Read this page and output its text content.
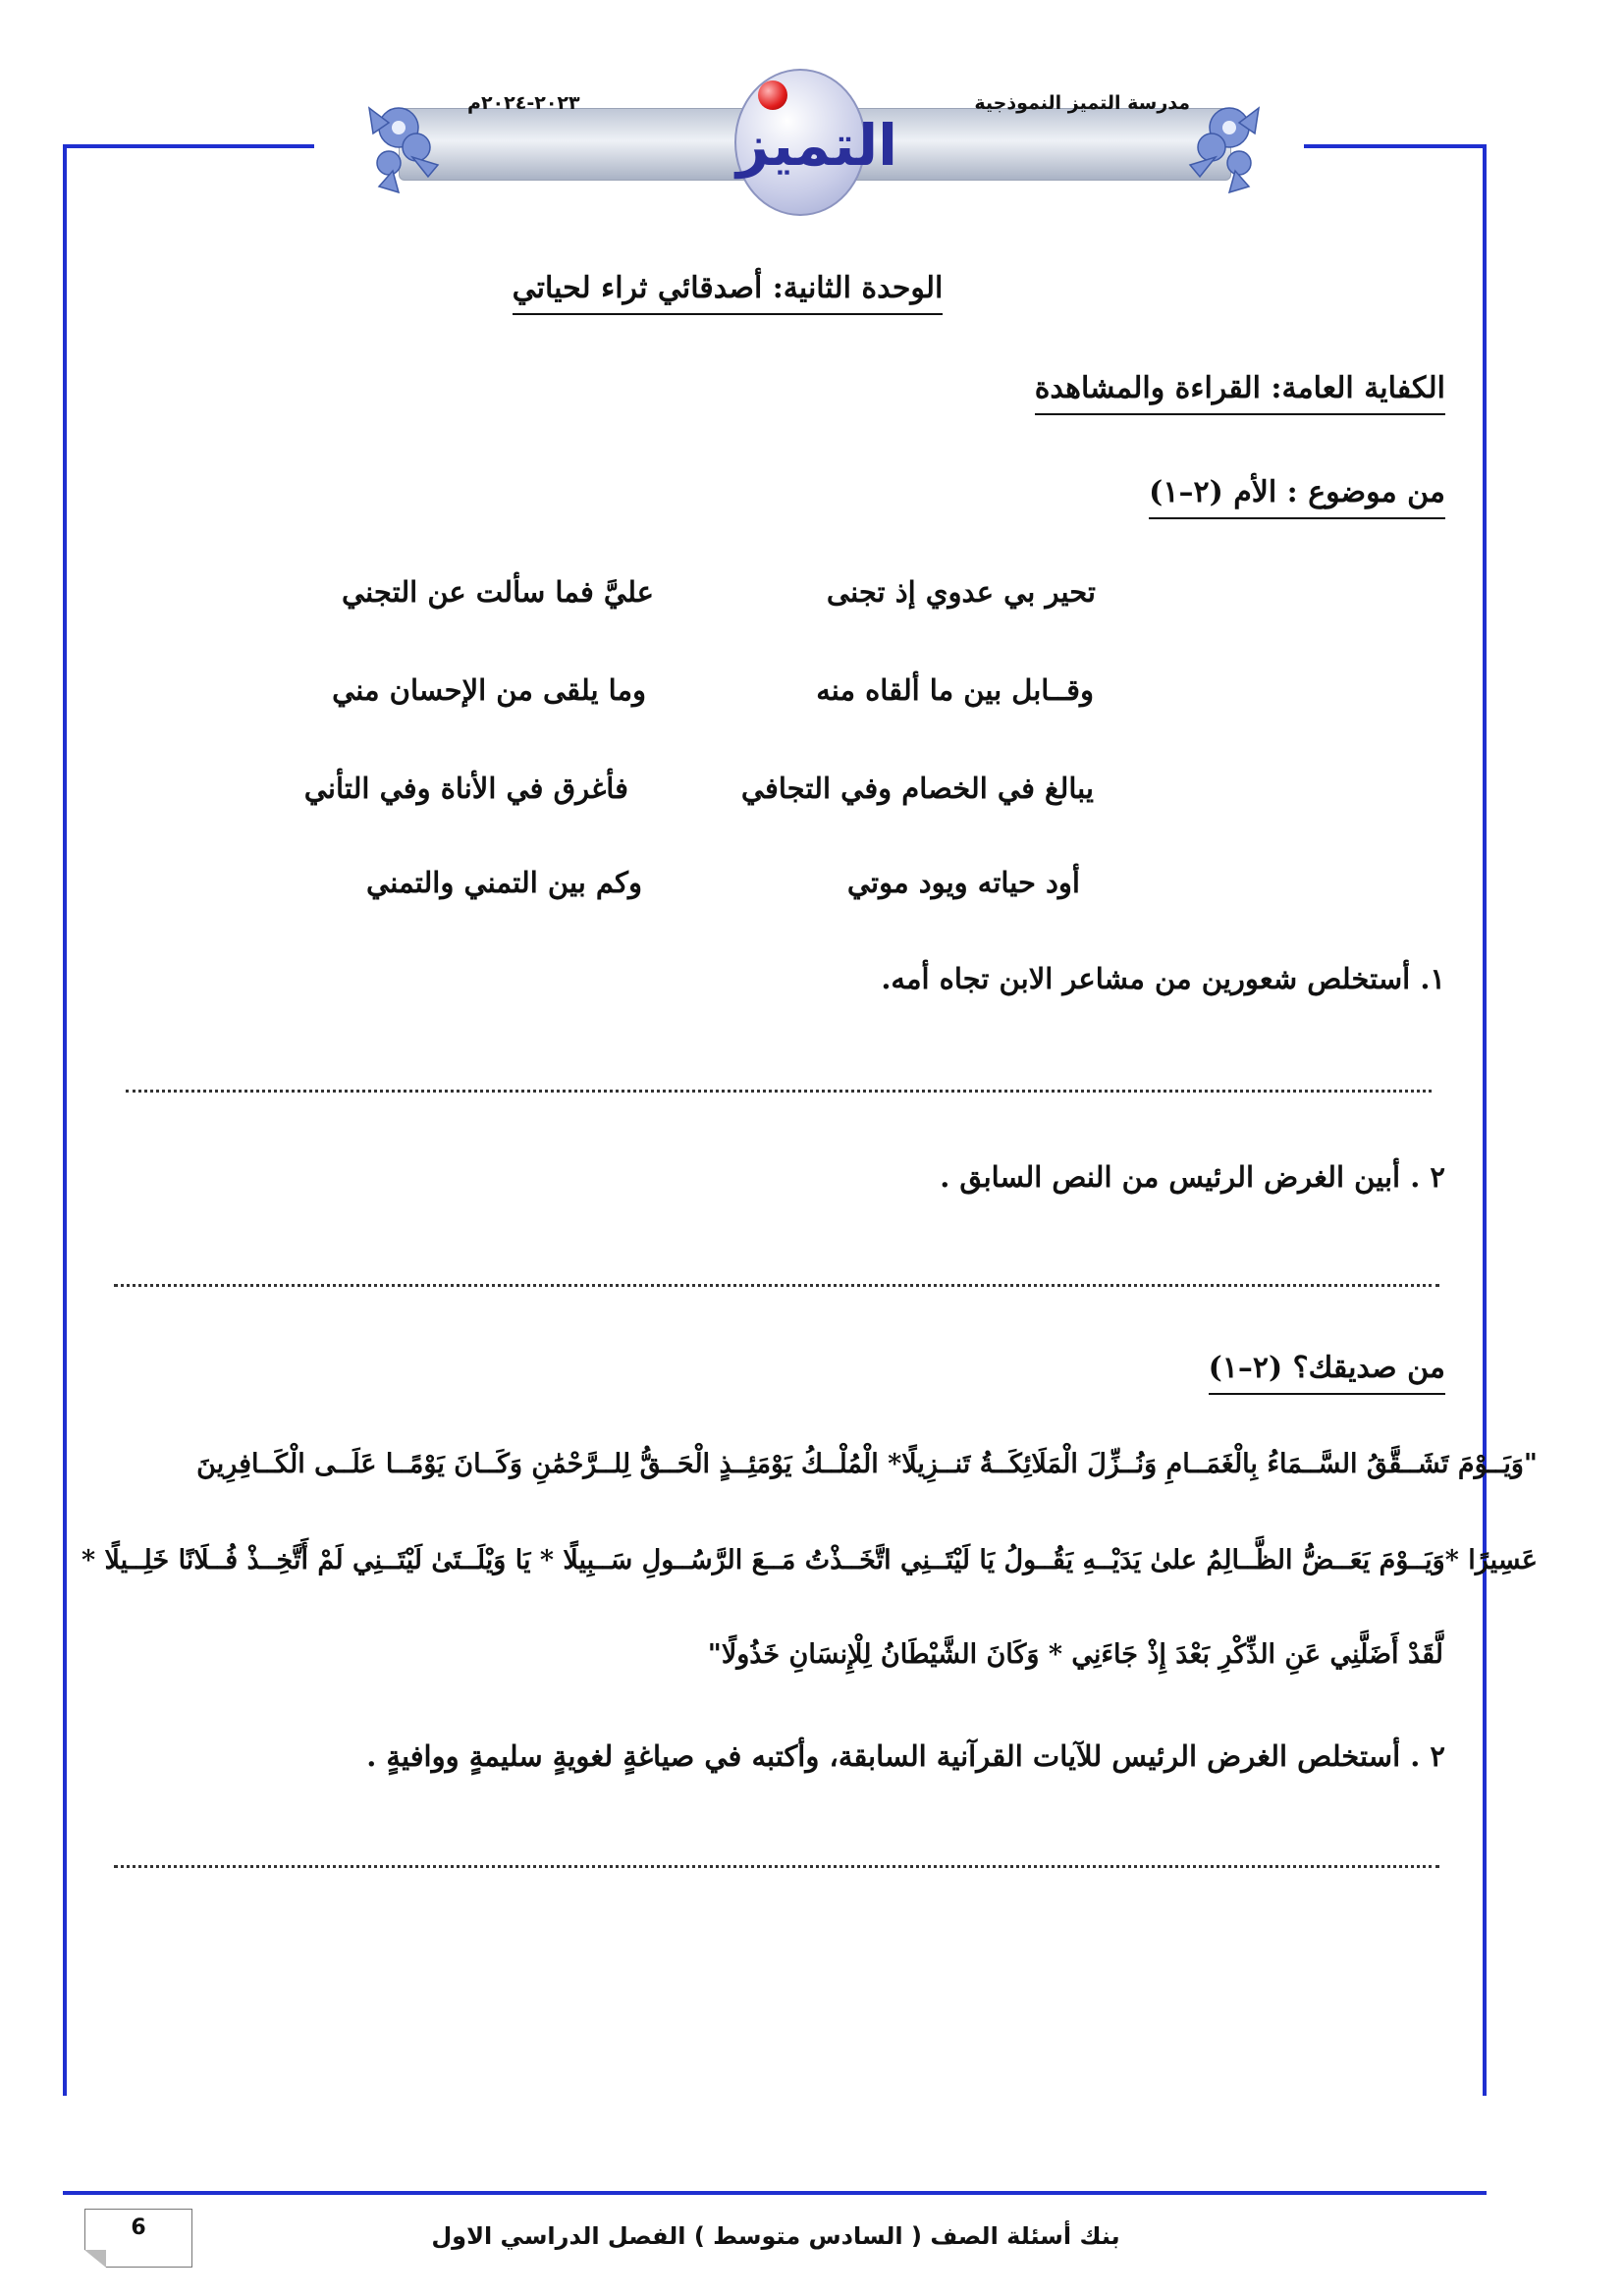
مدرسة التميز النموذجية
٢٠٢٣-٢٠٢٤م
التميز
الوحدة الثانية: أصدقائي ثراء لحياتي
الكفاية العامة: القراءة والمشاهدة
من موضوع : الأم (٢–١)
تحير بي عدوي إذ تجنى
عليَّ فما سألت عن التجني
وقــابل بين ما ألقاه منه
وما يلقى من الإحسان مني
يبالغ في الخصام وفي التجافي
فأغرق في الأناة وفي التأني
أود حياته ويود موتي
وكم بين التمني والتمني
١. أستخلص شعورين من مشاعر الابن تجاه أمه.
٢ . أبين الغرض الرئيس من النص السابق .
من صديقك؟ (٢–١)
"وَيَــوْمَ تَشَــقَّقُ السَّــمَاءُ بِالْغَمَــامِ وَنُــزِّلَ الْمَلَائِكَــةُ تَنــزِيلًا* الْمُلْــكُ يَوْمَئِــذٍ الْحَــقُّ لِلــرَّحْمَٰنِ وَكَــانَ يَوْمًــا عَلَــى الْكَــافِرِينَ
عَسِيرًا *وَيَــوْمَ يَعَــضُّ الظَّــالِمُ علىٰ يَدَيْــهِ يَقُــولُ يَا لَيْتَــنِي اتَّخَــذْتُ مَــعَ الرَّسُــولِ سَــبِيلًا * يَا وَيْلَــتَىٰ لَيْتَــنِي لَمْ أَتَّخِــذْ فُــلَانًا خَلِــيلًا *
لَّقَدْ أَضَلَّنِي عَنِ الذِّكْرِ بَعْدَ إِذْ جَاءَنِي * وَكَانَ الشَّيْطَانُ لِلْإِنسَانِ خَذُولًا"
٢ . أستخلص الغرض الرئيس للآيات القرآنية السابقة، وأكتبه في صياغةٍ لغويةٍ سليمةٍ ووافيةٍ .
6	بنك أسئلة الصف ( السادس متوسط ) الفصل الدراسي الاول
